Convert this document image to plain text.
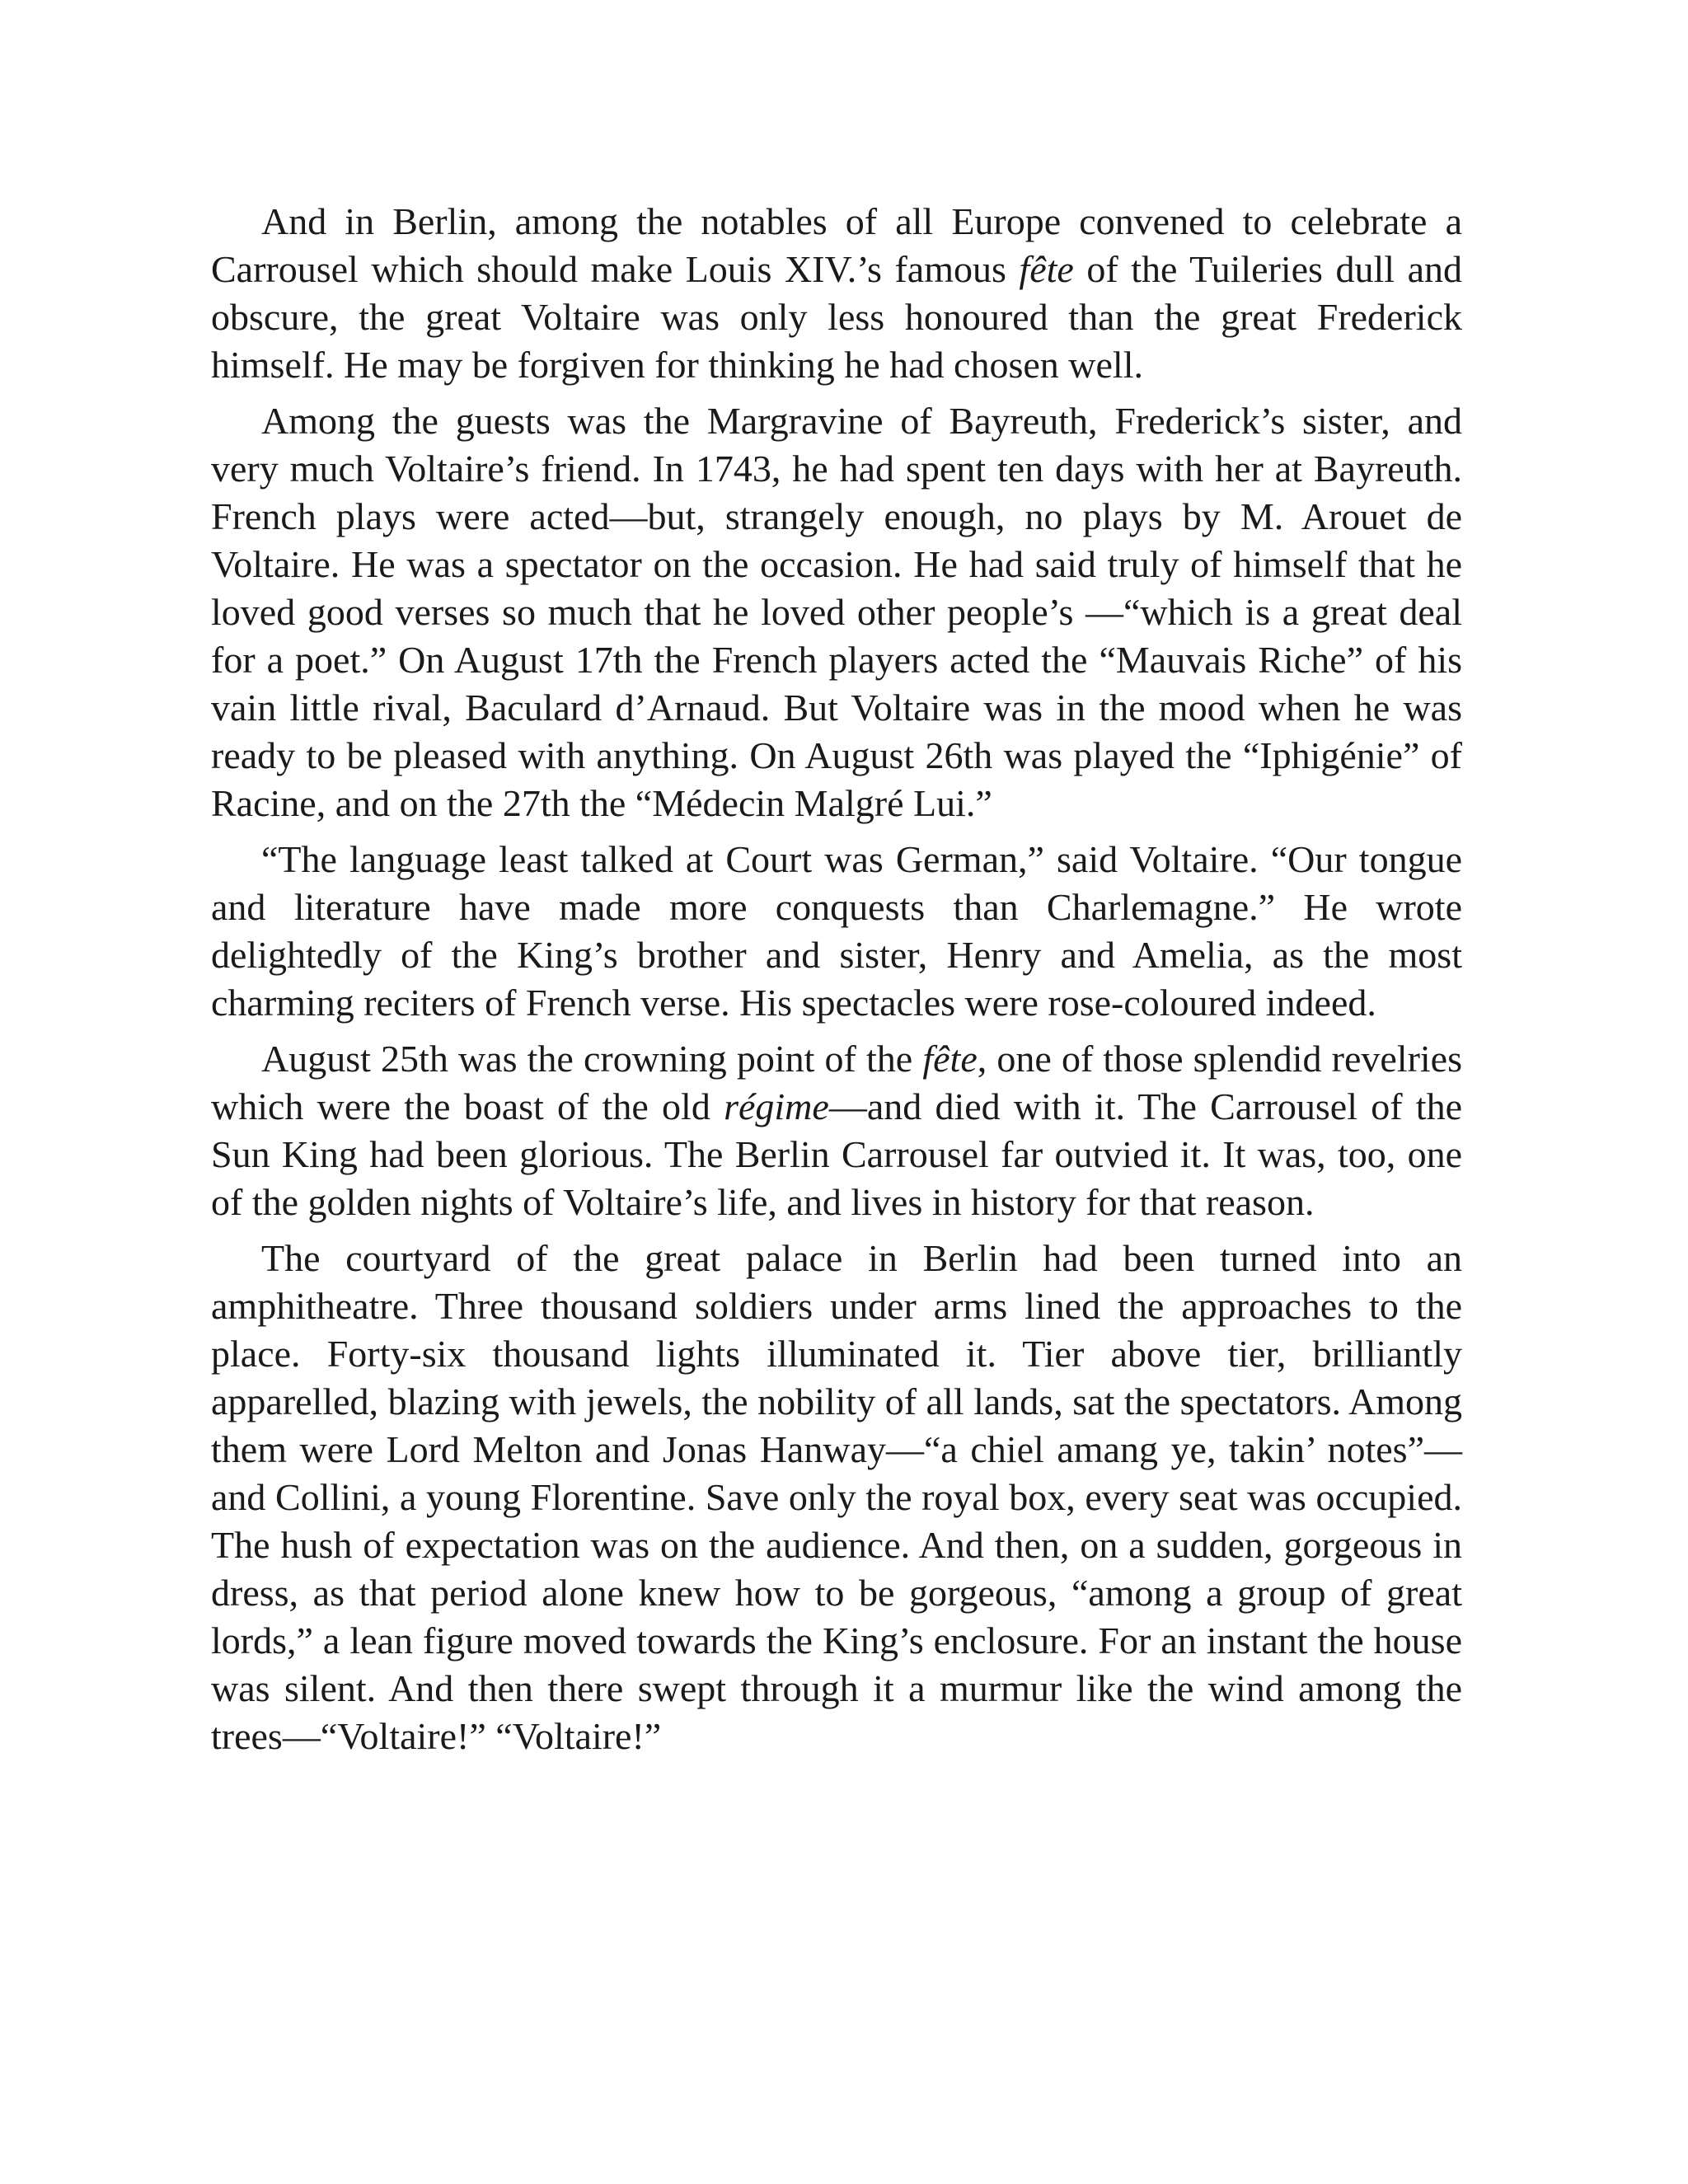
And in Berlin, among the notables of all Europe convened to celebrate a Carrousel which should make Louis XIV.’s famous fête of the Tuileries dull and obscure, the great Voltaire was only less honoured than the great Frederick himself. He may be forgiven for thinking he had chosen well.

Among the guests was the Margravine of Bayreuth, Frederick’s sister, and very much Voltaire’s friend. In 1743, he had spent ten days with her at Bayreuth. French plays were acted—but, strangely enough, no plays by M. Arouet de Voltaire. He was a spectator on the occasion. He had said truly of himself that he loved good verses so much that he loved other people’s —“which is a great deal for a poet.” On August 17th the French players acted the “Mauvais Riche” of his vain little rival, Baculard d’Arnaud. But Voltaire was in the mood when he was ready to be pleased with anything. On August 26th was played the “Iphigénie” of Racine, and on the 27th the “Médecin Malgré Lui.”

“The language least talked at Court was German,” said Voltaire. “Our tongue and literature have made more conquests than Charlemagne.” He wrote delightedly of the King’s brother and sister, Henry and Amelia, as the most charming reciters of French verse. His spectacles were rose-coloured indeed.

August 25th was the crowning point of the fête, one of those splendid revelries which were the boast of the old régime—and died with it. The Carrousel of the Sun King had been glorious. The Berlin Carrousel far outvied it. It was, too, one of the golden nights of Voltaire’s life, and lives in history for that reason.

The courtyard of the great palace in Berlin had been turned into an amphitheatre. Three thousand soldiers under arms lined the approaches to the place. Forty-six thousand lights illuminated it. Tier above tier, brilliantly apparelled, blazing with jewels, the nobility of all lands, sat the spectators. Among them were Lord Melton and Jonas Hanway—“a chiel amang ye, takin’ notes”—and Collini, a young Florentine. Save only the royal box, every seat was occupied. The hush of expectation was on the audience. And then, on a sudden, gorgeous in dress, as that period alone knew how to be gorgeous, “among a group of great lords,” a lean figure moved towards the King’s enclosure. For an instant the house was silent. And then there swept through it a murmur like the wind among the trees—“Voltaire!” “Voltaire!”
